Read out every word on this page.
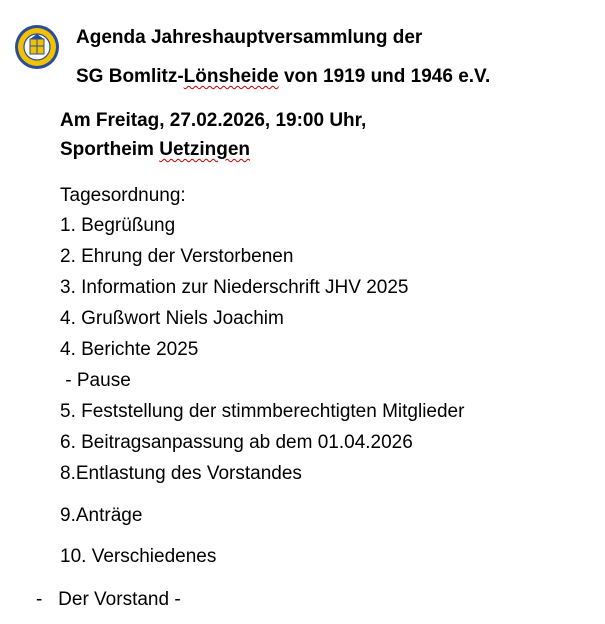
Agenda Jahreshauptversammlung der
SG Bomlitz-Lönsheide von 1919 und 1946 e.V.
Am Freitag, 27.02.2026, 19:00 Uhr,
Sportheim Uetzingen
Tagesordnung:
1. Begrüßung
2. Ehrung der Verstorbenen
3. Information zur Niederschrift JHV 2025
4. Grußwort Niels Joachim
4. Berichte 2025
- Pause
5. Feststellung der stimmberechtigten Mitglieder
6. Beitragsanpassung ab dem 01.04.2026
8.Entlastung des Vorstandes
9.Anträge
10. Verschiedenes
-   Der Vorstand -
